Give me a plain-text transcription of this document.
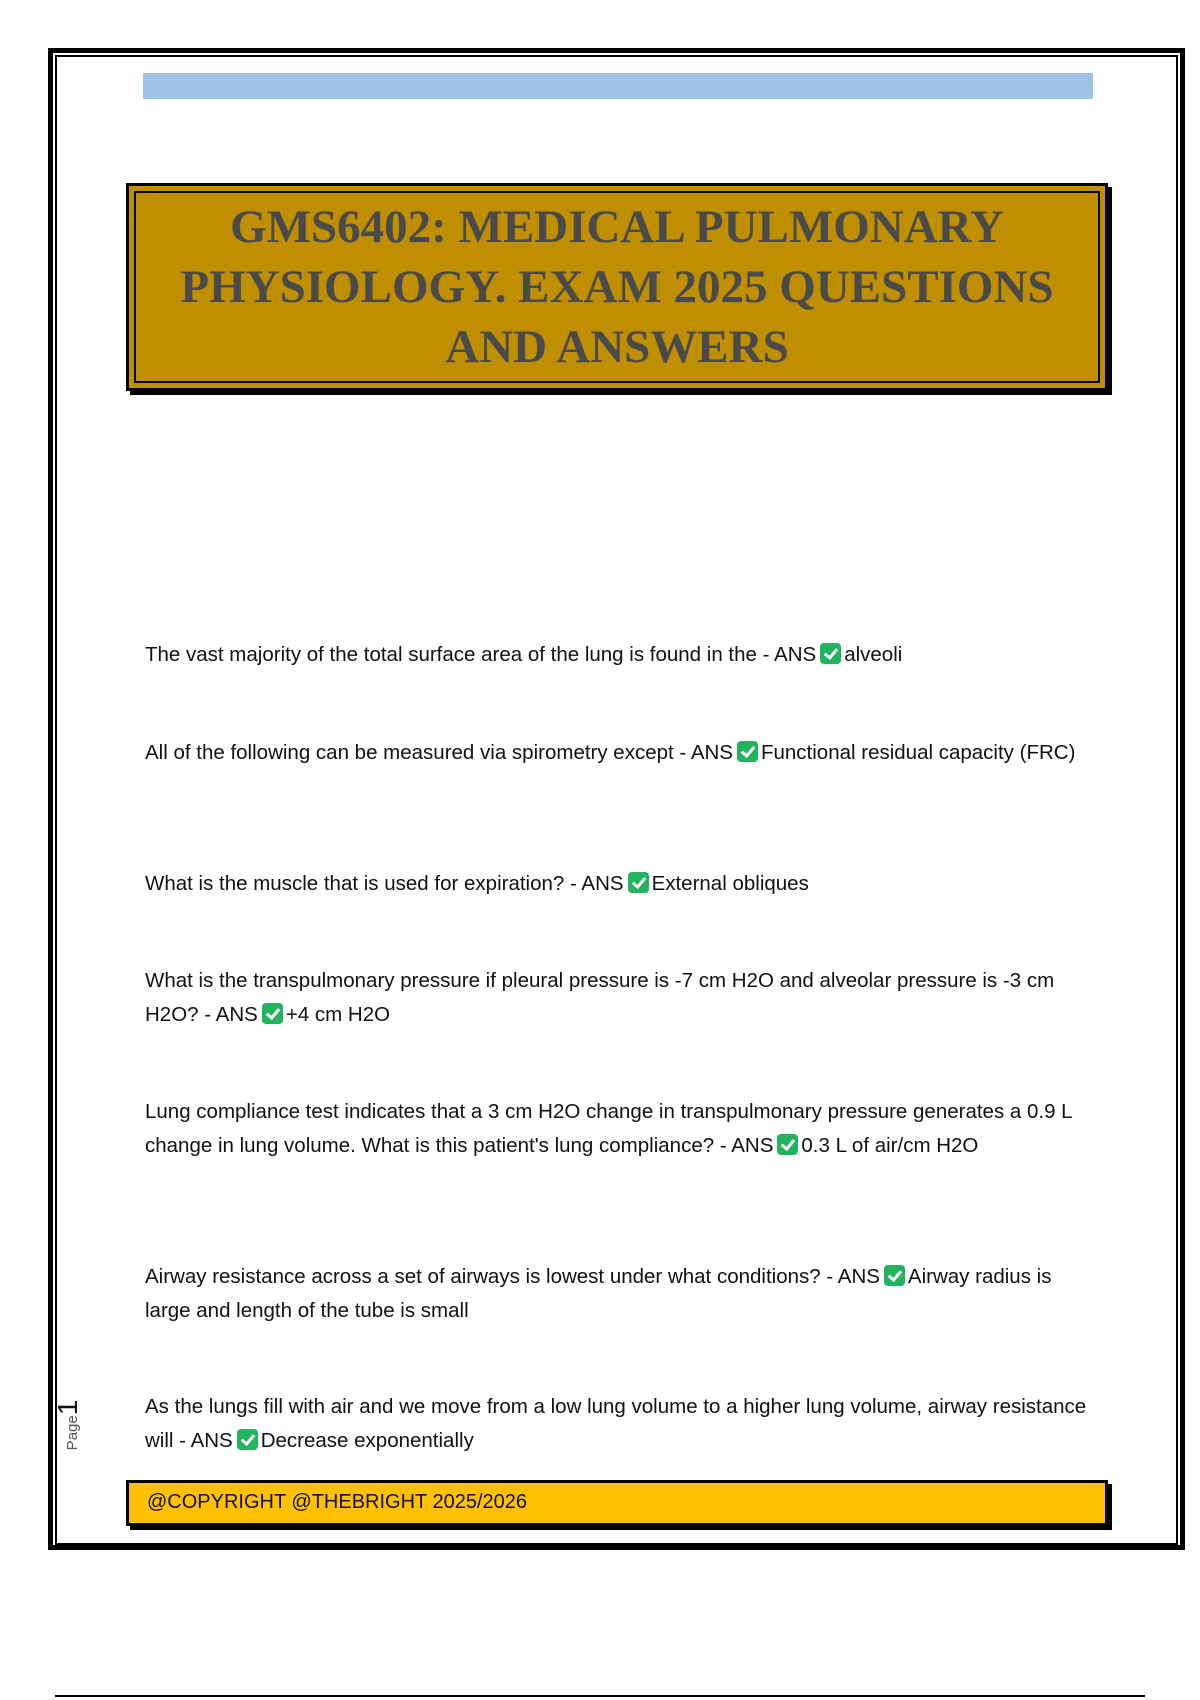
GMS6402: MEDICAL PULMONARY PHYSIOLOGY. EXAM 2025 QUESTIONS AND ANSWERS

The vast majority of the total surface area of the lung is found in the - ANS alveoli

All of the following can be measured via spirometry except - ANS Functional residual capacity (FRC)

What is the muscle that is used for expiration? - ANS External obliques

What is the transpulmonary pressure if pleural pressure is -7 cm H2O and alveolar pressure is -3 cm H2O? - ANS +4 cm H2O

Lung compliance test indicates that a 3 cm H2O change in transpulmonary pressure generates a 0.9 L change in lung volume. What is this patient's lung compliance? - ANS 0.3 L of air/cm H2O

Airway resistance across a set of airways is lowest under what conditions? - ANS Airway radius is large and length of the tube is small

As the lungs fill with air and we move from a low lung volume to a higher lung volume, airway resistance will - ANS Decrease exponentially

Page
1
@COPYRIGHT @THEBRIGHT 2025/2026
